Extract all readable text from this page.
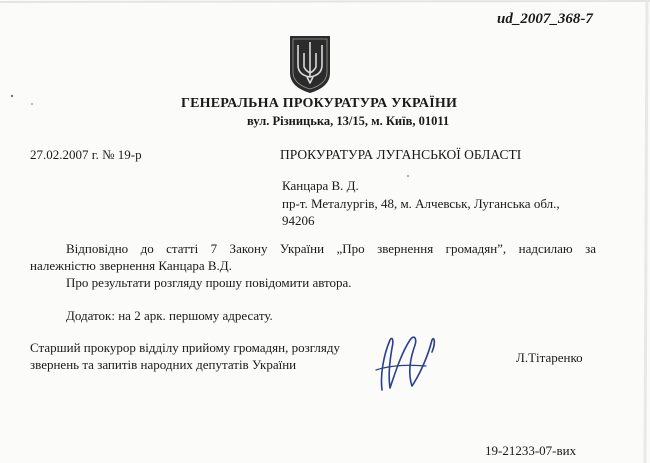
ud_2007_368-7
ГЕНЕРАЛЬНА ПРОКУРАТУРА УКРАЇНИ
вул. Різницька, 13/15, м. Київ, 01011
27.02.2007 г. № 19-р	ПРОКУРАТУРА ЛУГАНСЬКОЇ ОБЛАСТІ
Канцара В. Д.
пр-т. Металургів, 48, м. Алчевськ, Луганська обл.,
94206
Відповідно до статті 7 Закону України „Про звернення громадян”, надсилаю за
належністю звернення Канцара В.Д.
Про результати розгляду прошу повідомити автора.
Додаток: на 2 арк. першому адресату.
Старший прокурор відділу прийому громадян, розгляду звернень та запитів народних депутатів України	Л.Тітаренко
19-21233-07-вих
